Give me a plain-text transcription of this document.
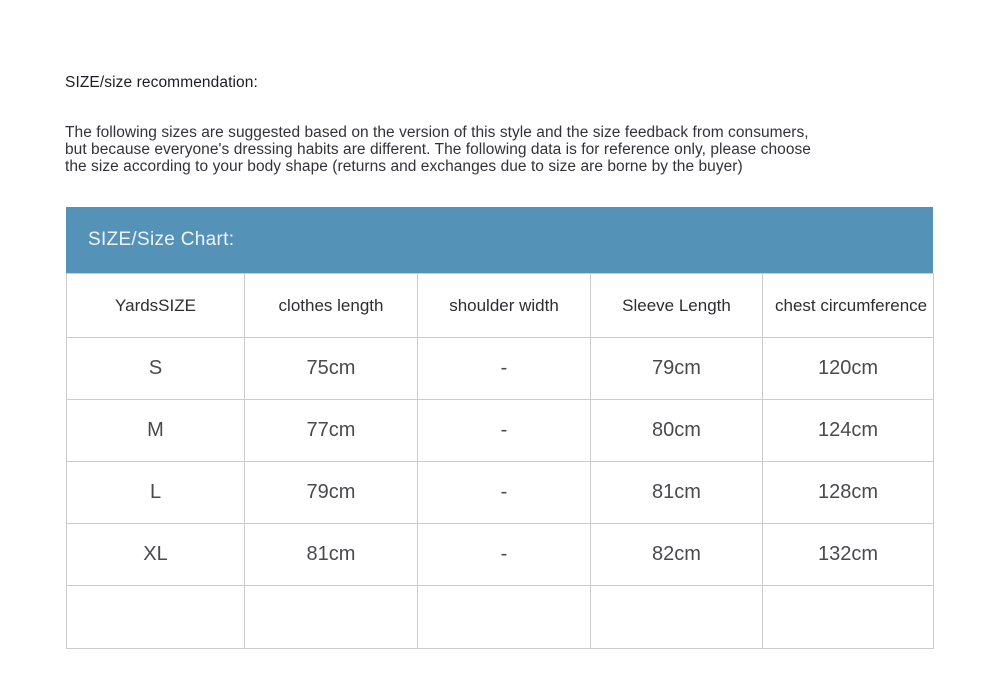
SIZE/size recommendation:
The following sizes are suggested based on the version of this style and the size feedback from consumers,
but because everyone's dressing habits are different. The following data is for reference only, please choose
the size according to your body shape (returns and exchanges due to size are borne by the buyer)
SIZE/Size Chart:
YardsSIZE	clothes length	shoulder width	Sleeve Length	chest circumference
S	75cm	-	79cm	120cm
M	77cm	-	80cm	124cm
L	79cm	-	81cm	128cm
XL	81cm	-	82cm	132cm
